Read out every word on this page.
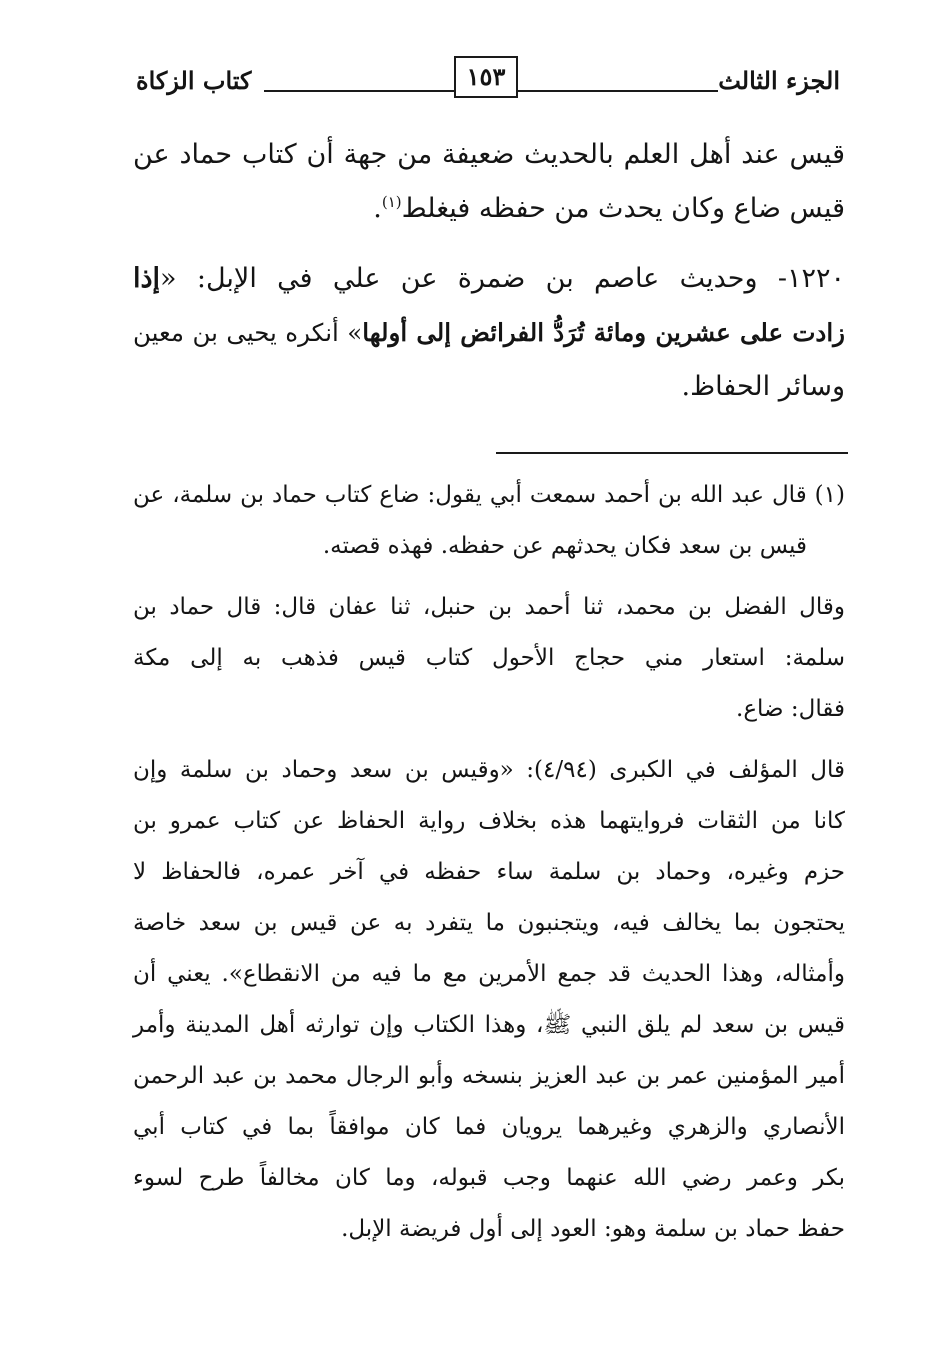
الجزء الثالث
١٥٣
كتاب الزكاة
قيس عند أهل العلم بالحديث ضعيفة من جهة أن كتاب حماد عن
قيس ضاع وكان يحدث من حفظه فيغلط$^{(١)}$.
١٢٢٠- وحديث عاصم بن ضمرة عن علي في الإبل: «إذا
زادت على عشرين ومائة تُرَدُّ الفرائض إلى أولها» أنكره يحيى بن معين
وسائر الحفاظ.
(١) قال عبد الله بن أحمد سمعت أبي يقول: ضاع كتاب حماد بن سلمة، عن
قيس بن سعد فكان يحدثهم عن حفظه. فهذه قصته.
وقال الفضل بن محمد، ثنا أحمد بن حنبل، ثنا عفان قال: قال حماد بن
سلمة: استعار مني حجاج الأحول كتاب قيس فذهب به إلى مكة
فقال: ضاع.
قال المؤلف في الكبرى (٤/٩٤): «وقيس بن سعد وحماد بن سلمة وإن
كانا من الثقات فروايتهما هذه بخلاف رواية الحفاظ عن كتاب عمرو بن
حزم وغيره، وحماد بن سلمة ساء حفظه في آخر عمره، فالحفاظ لا
يحتجون بما يخالف فيه، ويتجنبون ما يتفرد به عن قيس بن سعد خاصة
وأمثاله، وهذا الحديث قد جمع الأمرين مع ما فيه من الانقطاع». يعني أن
قيس بن سعد لم يلق النبي ﷺ، وهذا الكتاب وإن توارثه أهل المدينة وأمر
أمير المؤمنين عمر بن عبد العزيز بنسخه وأبو الرجال محمد بن عبد الرحمن
الأنصاري والزهري وغيرهما يرويان فما كان موافقاً بما في كتاب أبي
بكر وعمر رضي الله عنهما وجب قبوله، وما كان مخالفاً طرح لسوء
حفظ حماد بن سلمة وهو: العود إلى أول فريضة الإبل.
